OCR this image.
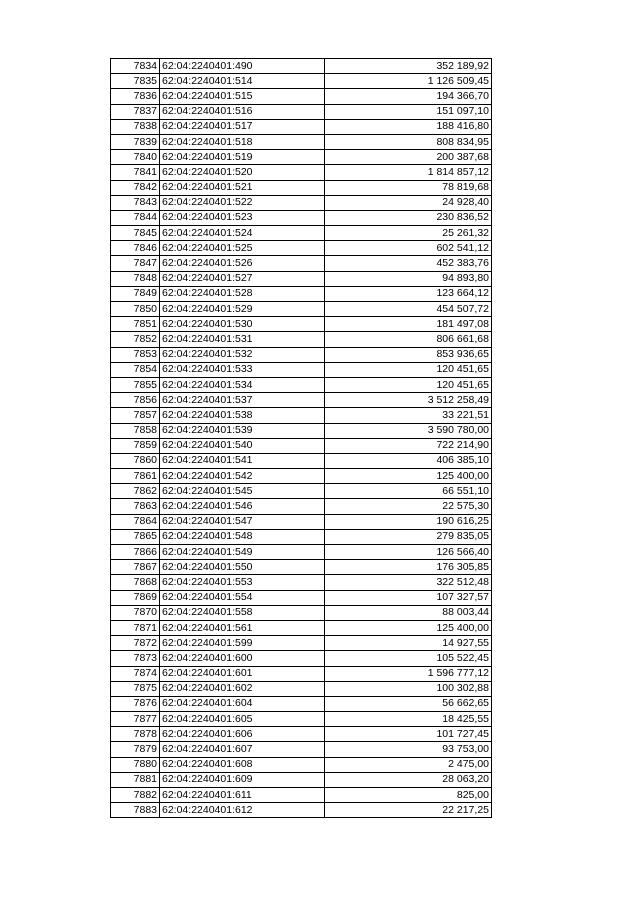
7834	62:04:2240401:490	352 189,92
7835	62:04:2240401:514	1 126 509,45
7836	62:04:2240401:515	194 366,70
7837	62:04:2240401:516	151 097,10
7838	62:04:2240401:517	188 416,80
7839	62:04:2240401:518	808 834,95
7840	62:04:2240401:519	200 387,68
7841	62:04:2240401:520	1 814 857,12
7842	62:04:2240401:521	78 819,68
7843	62:04:2240401:522	24 928,40
7844	62:04:2240401:523	230 836,52
7845	62:04:2240401:524	25 261,32
7846	62:04:2240401:525	602 541,12
7847	62:04:2240401:526	452 383,76
7848	62:04:2240401:527	94 893,80
7849	62:04:2240401:528	123 664,12
7850	62:04:2240401:529	454 507,72
7851	62:04:2240401:530	181 497,08
7852	62:04:2240401:531	806 661,68
7853	62:04:2240401:532	853 936,65
7854	62:04:2240401:533	120 451,65
7855	62:04:2240401:534	120 451,65
7856	62:04:2240401:537	3 512 258,49
7857	62:04:2240401:538	33 221,51
7858	62:04:2240401:539	3 590 780,00
7859	62:04:2240401:540	722 214,90
7860	62:04:2240401:541	406 385,10
7861	62:04:2240401:542	125 400,00
7862	62:04:2240401:545	66 551,10
7863	62:04:2240401:546	22 575,30
7864	62:04:2240401:547	190 616,25
7865	62:04:2240401:548	279 835,05
7866	62:04:2240401:549	126 566,40
7867	62:04:2240401:550	176 305,85
7868	62:04:2240401:553	322 512,48
7869	62:04:2240401:554	107 327,57
7870	62:04:2240401:558	88 003,44
7871	62:04:2240401:561	125 400,00
7872	62:04:2240401:599	14 927,55
7873	62:04:2240401:600	105 522,45
7874	62:04:2240401:601	1 596 777,12
7875	62:04:2240401:602	100 302,88
7876	62:04:2240401:604	56 662,65
7877	62:04:2240401:605	18 425,55
7878	62:04:2240401:606	101 727,45
7879	62:04:2240401:607	93 753,00
7880	62:04:2240401:608	2 475,00
7881	62:04:2240401:609	28 063,20
7882	62:04:2240401:611	825,00
7883	62:04:2240401:612	22 217,25
